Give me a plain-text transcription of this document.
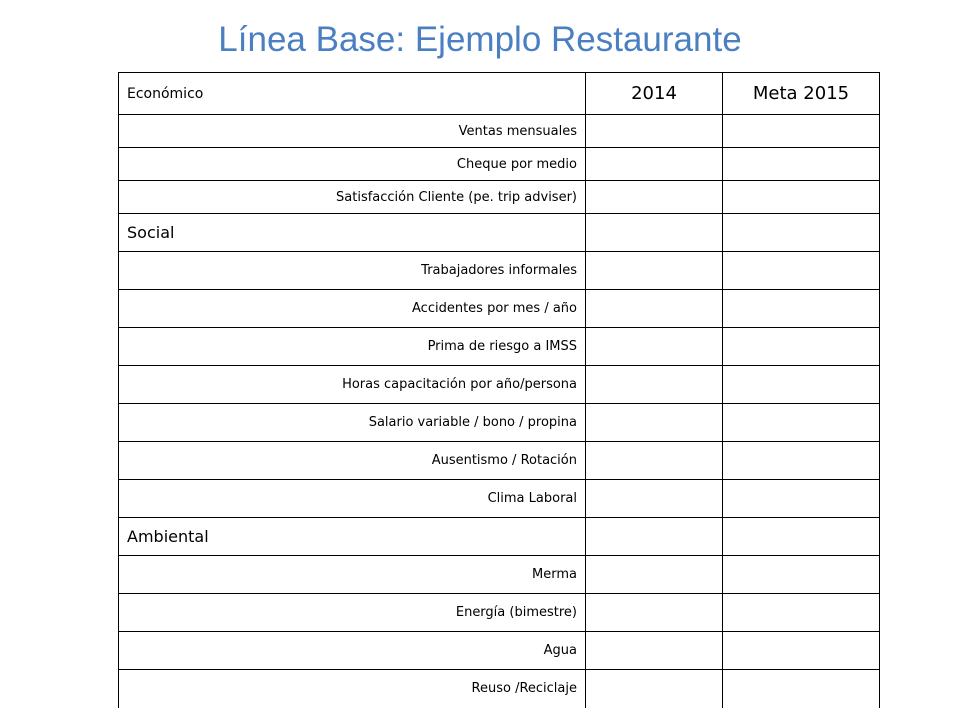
Línea Base: Ejemplo Restaurante
Económico	2014	Meta 2015
Ventas mensuales		
Cheque por medio		
Satisfacción Cliente (pe. trip adviser)		
Social		
Trabajadores informales		
Accidentes por mes / año		
Prima de riesgo a IMSS		
Horas capacitación por año/persona		
Salario variable / bono / propina		
Ausentismo / Rotación		
Clima Laboral		
Ambiental		
Merma		
Energía (bimestre)		
Agua		
Reuso /Reciclaje		
